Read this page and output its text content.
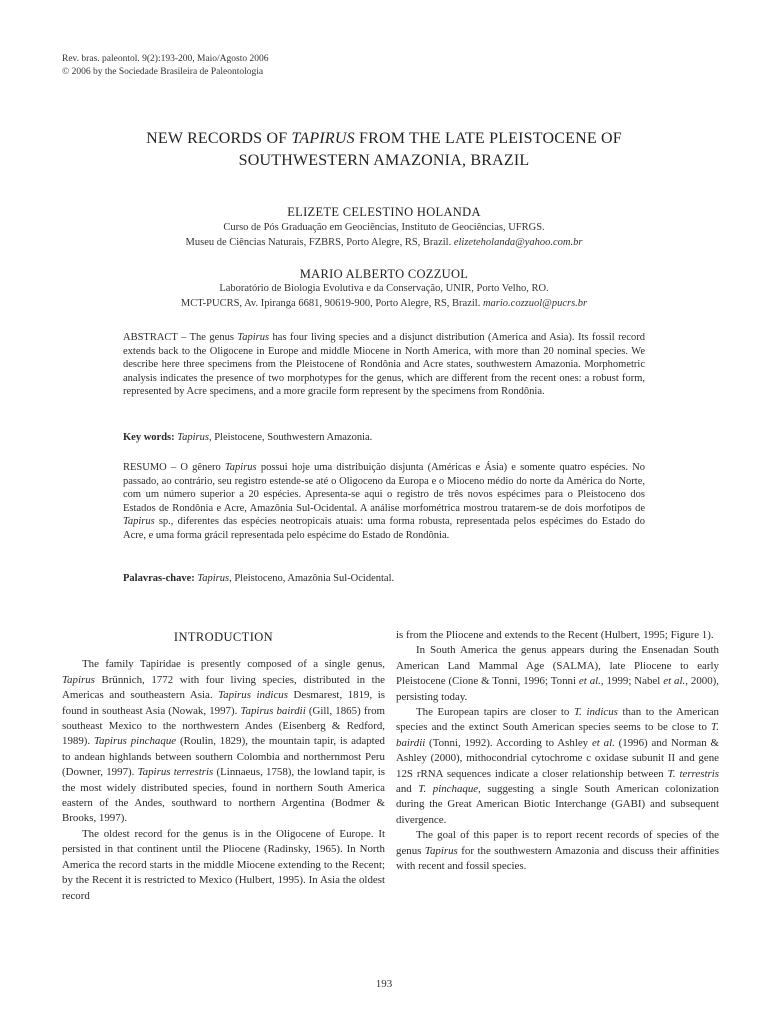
Rev. bras. paleontol. 9(2):193-200, Maio/Agosto 2006
© 2006 by the Sociedade Brasileira de Paleontologia
NEW RECORDS OF TAPIRUS FROM THE LATE PLEISTOCENE OF
SOUTHWESTERN AMAZONIA, BRAZIL
ELIZETE CELESTINO HOLANDA
Curso de Pós Graduação em Geociências, Instituto de Geociências, UFRGS.
Museu de Ciências Naturais, FZBRS, Porto Alegre, RS, Brazil. elizeteholanda@yahoo.com.br
MARIO ALBERTO COZZUOL
Laboratório de Biologia Evolutiva e da Conservação, UNIR, Porto Velho, RO.
MCT-PUCRS, Av. Ipiranga 6681, 90619-900, Porto Alegre, RS, Brazil. mario.cozzuol@pucrs.br
ABSTRACT – The genus Tapirus has four living species and a disjunct distribution (America and Asia). Its fossil record extends back to the Oligocene in Europe and middle Miocene in North America, with more than 20 nominal species. We describe here three specimens from the Pleistocene of Rondônia and Acre states, southwestern Amazonia. Morphometric analysis indicates the presence of two morphotypes for the genus, which are different from the recent ones: a robust form, represented by Acre specimens, and a more gracile form represent by the specimens from Rondônia.
Key words: Tapirus, Pleistocene, Southwestern Amazonia.
RESUMO – O gênero Tapirus possui hoje uma distribuição disjunta (Américas e Ásia) e somente quatro espécies. No passado, ao contrário, seu registro estende-se até o Oligoceno da Europa e o Mioceno médio do norte da América do Norte, com um número superior a 20 espécies. Apresenta-se aqui o registro de três novos espécimes para o Pleistoceno dos Estados de Rondônia e Acre, Amazônia Sul-Ocidental. A análise morfométrica mostrou tratarem-se de dois morfotipos de Tapirus sp., diferentes das espécies neotropicais atuais: uma forma robusta, representada pelos espécimes do Estado do Acre, e uma forma grácil representada pelo espécime do Estado de Rondônia.
Palavras-chave: Tapirus, Pleistoceno, Amazônia Sul-Ocidental.
INTRODUCTION

The family Tapiridae is presently composed of a single genus, Tapirus Brünnich, 1772 with four living species, distributed in the Americas and southeastern Asia. Tapirus indicus Desmarest, 1819, is found in southeast Asia (Nowak, 1997). Tapirus bairdii (Gill, 1865) from southeast Mexico to the northwestern Andes (Eisenberg & Redford, 1989). Tapirus pinchaque (Roulin, 1829), the mountain tapir, is adapted to andean highlands between southern Colombia and northernmost Peru (Downer, 1997). Tapirus terrestris (Linnaeus, 1758), the lowland tapir, is the most widely distributed species, found in northern South America eastern of the Andes, southward to northern Argentina (Bodmer & Brooks, 1997).

The oldest record for the genus is in the Oligocene of Europe. It persisted in that continent until the Pliocene (Radinsky, 1965). In North America the record starts in the middle Miocene extending to the Recent; by the Recent it is restricted to Mexico (Hulbert, 1995). In Asia the oldest record

is from the Pliocene and extends to the Recent (Hulbert, 1995; Figure 1).

In South America the genus appears during the Ensenadan South American Land Mammal Age (SALMA), late Pliocene to early Pleistocene (Cione & Tonni, 1996; Tonni et al., 1999; Nabel et al., 2000), persisting today.

The European tapirs are closer to T. indicus than to the American species and the extinct South American species seems to be close to T. bairdii (Tonni, 1992). According to Ashley et al. (1996) and Norman & Ashley (2000), mithocondrial cytochrome c oxidase subunit II and gene 12S rRNA sequences indicate a closer relationship between T. terrestris and T. pinchaque, suggesting a single South American colonization during the Great American Biotic Interchange (GABI) and subsequent divergence.

The goal of this paper is to report recent records of species of the genus Tapirus for the southwestern Amazonia and discuss their affinities with recent and fossil species.

193
